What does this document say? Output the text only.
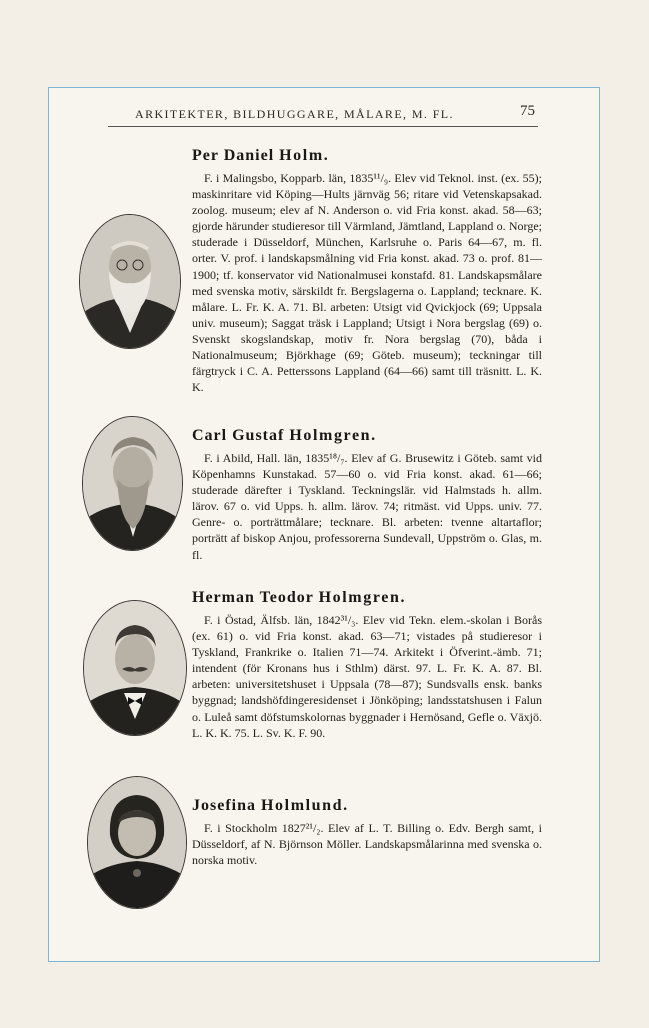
ARKITEKTER, BILDHUGGARE, MÅLARE, M. FL.	75
Per Daniel Holm.

F. i Malingsbo, Kopparb. län, 1835¹¹/₉. Elev vid Teknol. inst. (ex. 55); maskinritare vid Köping—Hults järnväg 56; ritare vid Vetenskapsakad. zoolog. museum; elev af N. Anderson o. vid Fria konst. akad. 58—63; gjorde härunder studieresor till Värmland, Jämtland, Lappland o. Norge; studerade i Düsseldorf, München, Karlsruhe o. Paris 64—67, m. fl. orter. V. prof. i landskapsmålning vid Fria konst. akad. 73 o. prof. 81—1900; tf. konservator vid Nationalmusei konstafd. 81. Landskapsmålare med svenska motiv, särskildt fr. Bergslagerna o. Lappland; tecknare. K. målare. L. Fr. K. A. 71. Bl. arbeten: Utsigt vid Qvickjock (69; Uppsala univ. museum); Saggat träsk i Lappland; Utsigt i Nora bergslag (69) o. Svenskt skogslandskap, motiv fr. Nora bergslag (70), båda i Nationalmuseum; Björkhage (69; Göteb. museum); teckningar till färgtryck i C. A. Petterssons Lappland (64—66) samt till träsnitt. L. K. K.

Carl Gustaf Holmgren.

F. i Abild, Hall. län, 1835¹⁸/₇. Elev af G. Brusewitz i Göteb. samt vid Köpenhamns Kunstakad. 57—60 o. vid Fria konst. akad. 61—66; studerade därefter i Tyskland. Teckningslär. vid Halmstads h. allm. lärov. 67 o. vid Upps. h. allm. lärov. 74; ritmäst. vid Upps. univ. 77. Genre- o. porträttmålare; tecknare. Bl. arbeten: tvenne altartaflor; porträtt af biskop Anjou, professorerna Sundevall, Uppström o. Glas, m. fl.

Herman Teodor Holmgren.

F. i Östad, Älfsb. län, 1842³¹/₃. Elev vid Tekn. elem.-skolan i Borås (ex. 61) o. vid Fria konst. akad. 63—71; vistades på studieresor i Tyskland, Frankrike o. Italien 71—74. Arkitekt i Öfverint.-ämb. 71; intendent (för Kronans hus i Sthlm) därst. 97. L. Fr. K. A. 87. Bl. arbeten: universitetshuset i Uppsala (78—87); Sundsvalls ensk. banks byggnad; landshöfdingeresidenset i Jönköping; landsstatshusen i Falun o. Luleå samt döfstumskolornas byggnader i Hernösand, Gefle o. Växjö. L. K. K. 75. L. Sv. K. F. 90.

Josefina Holmlund.

F. i Stockholm 1827²¹/₂. Elev af L. T. Billing o. Edv. Bergh samt, i Düsseldorf, af N. Björnson Möller. Landskapsmålarinna med svenska o. norska motiv.
